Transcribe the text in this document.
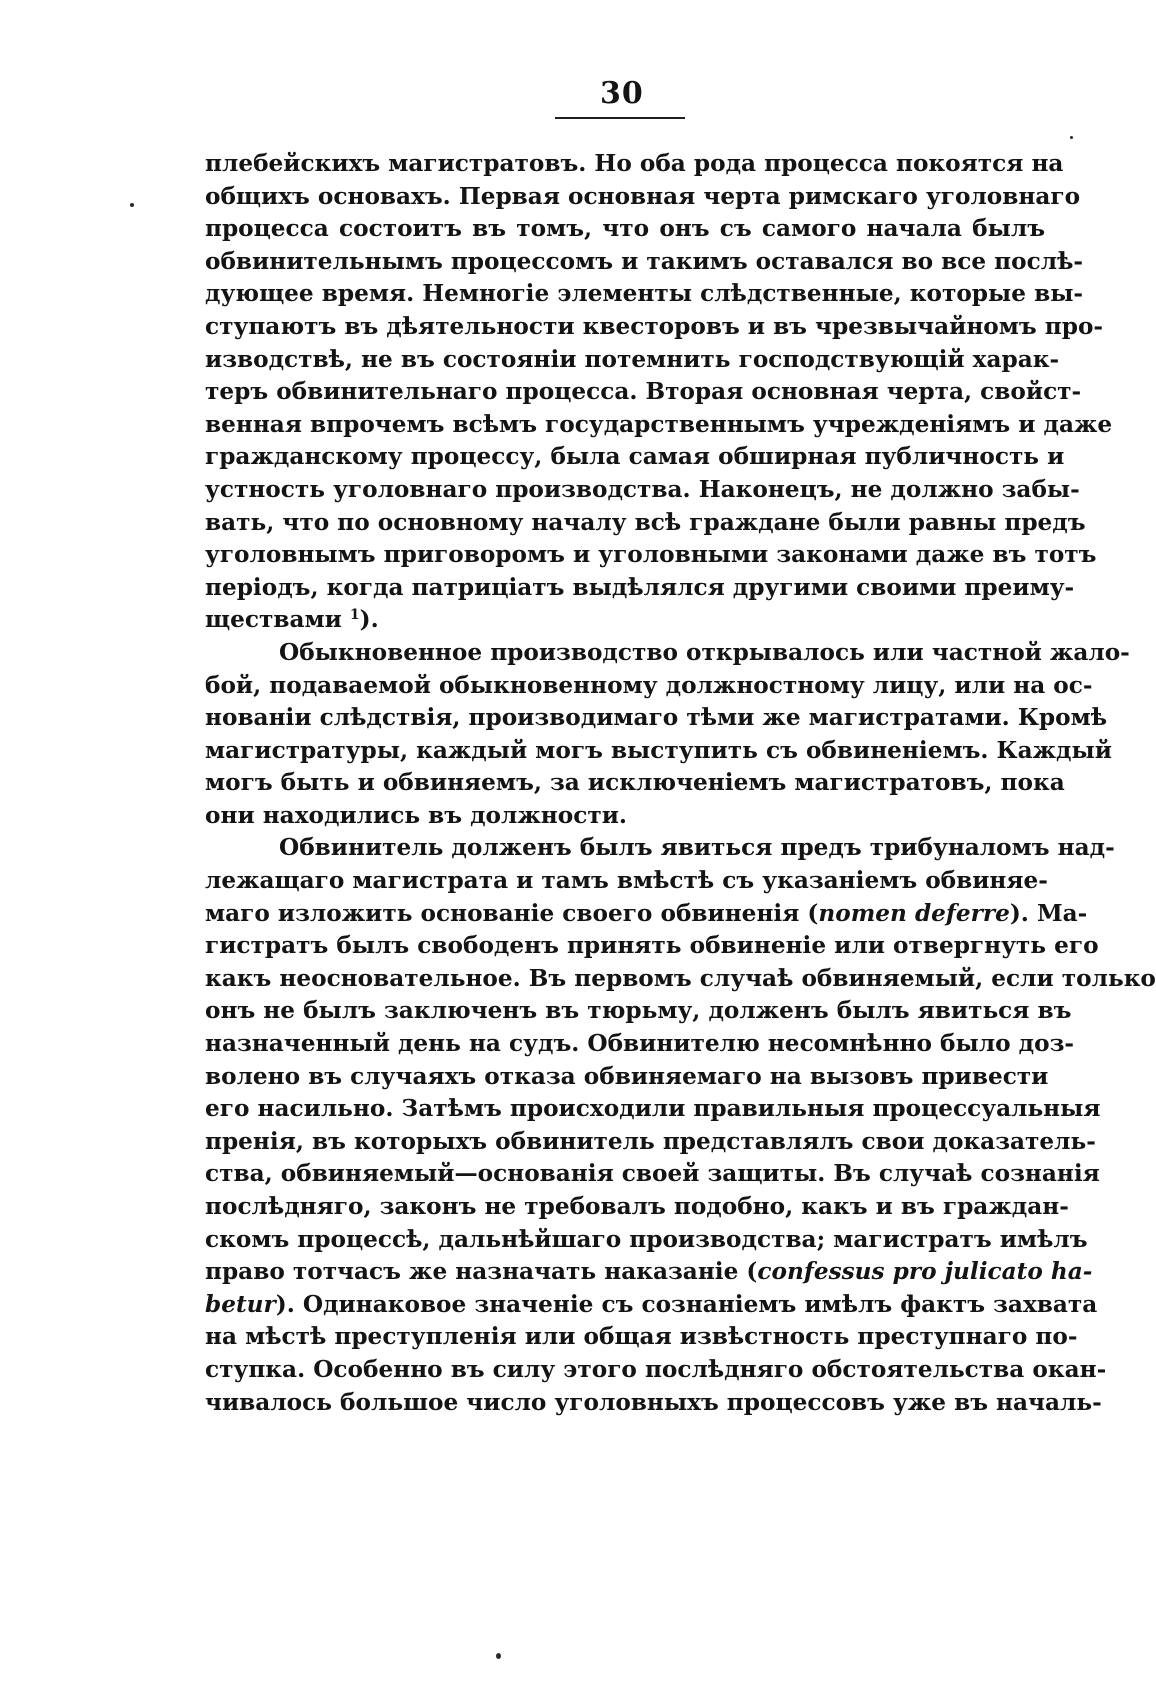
30
плебейскихъ магистратовъ. Но оба рода процесса покоятся на
общихъ основахъ. Первая основная черта римскаго уголовнаго
процесса состоитъ въ томъ, что онъ съ самого начала былъ
обвинительнымъ процессомъ и такимъ оставался во все послѣ-
дующее время. Немногіе элементы слѣдственные, которые вы-
ступаютъ въ дѣятельности квесторовъ и въ чрезвычайномъ про-
изводствѣ, не въ состояніи потемнить господствующій харак-
теръ обвинительнаго процесса. Вторая основная черта, свойст-
венная впрочемъ всѣмъ государственнымъ учрежденіямъ и даже
гражданскому процессу, была самая обширная публичность и
устность уголовнаго производства. Наконецъ, не должно забы-
вать, что по основному началу всѣ граждане были равны предъ
уголовнымъ приговоромъ и уголовными законами даже въ тотъ
періодъ, когда патриціатъ выдѣлялся другими своими преиму-
ществами $^1$).
Обыкновенное производство открывалось или частной жало-
бой, подаваемой обыкновенному должностному лицу, или на ос-
нованіи слѣдствія, производимаго тѣми же магистратами. Кромѣ
магистратуры, каждый могъ выступить съ обвиненіемъ. Каждый
могъ быть и обвиняемъ, за исключеніемъ магистратовъ, пока
они находились въ должности.
Обвинитель долженъ былъ явиться предъ трибуналомъ над-
лежащаго магистрата и тамъ вмѣстѣ съ указаніемъ обвиняе-
маго изложить основаніе своего обвиненія (nomen deferre). Ма-
гистратъ былъ свободенъ принять обвиненіе или отвергнуть его
какъ неосновательное. Въ первомъ случаѣ обвиняемый, если только
онъ не былъ заключенъ въ тюрьму, долженъ былъ явиться въ
назначенный день на судъ. Обвинителю несомнѣнно было доз-
волено въ случаяхъ отказа обвиняемаго на вызовъ привести
его насильно. Затѣмъ происходили правильныя процессуальныя
пренія, въ которыхъ обвинитель представлялъ свои доказатель-
ства, обвиняемый—основанія своей защиты. Въ случаѣ сознанія
послѣдняго, законъ не требовалъ подобно, какъ и въ граждан-
скомъ процессѣ, дальнѣйшаго производства; магистратъ имѣлъ
право тотчасъ же назначать наказаніе (confessus pro julicato ha-
betur). Одинаковое значеніе съ сознаніемъ имѣлъ фактъ захвата
на мѣстѣ преступленія или общая извѣстность преступнаго по-
ступка. Особенно въ силу этого послѣдняго обстоятельства окан-
чивалось большое число уголовныхъ процессовъ уже въ началь-
